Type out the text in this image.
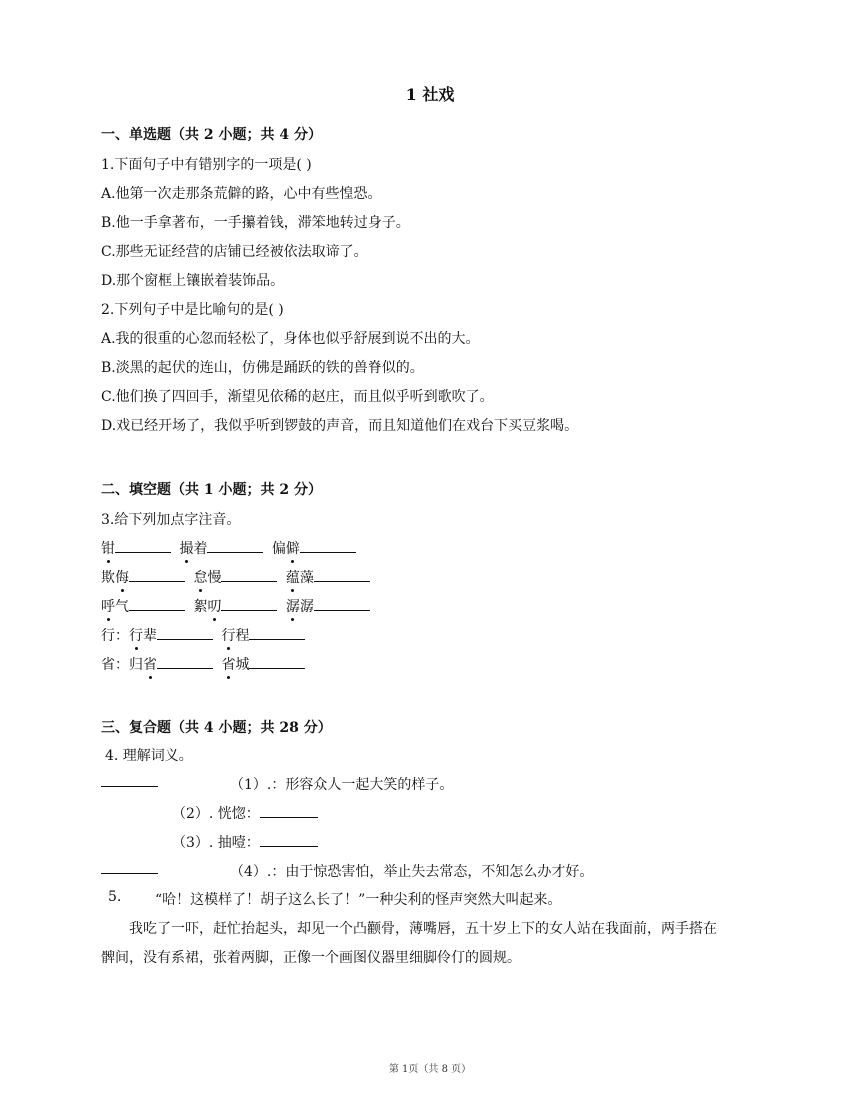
1 社戏
一、单选题（共 2 小题；共 4 分）
1.下面句子中有错别字的一项是( )
A.他第一次走那条荒僻的路，心中有些惶恐。
B.他一手拿著布，一手攥着钱，滞笨地转过身子。
C.那些无证经营的店铺已经被依法取谛了。
D.那个窗框上镶嵌着装饰品。
2.下列句子中是比喻句的是( )
A.我的很重的心忽而轻松了，身体也似乎舒展到说不出的大。
B.淡黑的起伏的连山，仿佛是踊跃的铁的兽脊似的。
C.他们换了四回手，渐望见依稀的赵庄，而且似乎听到歌吹了。
D.戏已经开场了，我似乎听到锣鼓的声音，而且知道他们在戏台下买豆浆喝。
二、填空题（共 1 小题；共 2 分）
3.给下列加点字注音。
钳	撮着	偏僻
欺侮	怠慢	蕴藻
呼气	絮叨	潺潺
行：行辈	行程
省：归省	省城
三、复合题（共 4 小题；共 28 分）
4. 理解词义。
（1）.：形容众人一起大笑的样子。
（2）. 恍惚：
（3）. 抽噎：
（4）.：由于惊恐害怕，举止失去常态，不知怎么办才好。
5. “哈！这模样了！胡子这么长了！”一种尖利的怪声突然大叫起来。
我吃了一吓，赶忙抬起头，却见一个凸颧骨，薄嘴唇，五十岁上下的女人站在我面前，两手搭在
髀间，没有系裙，张着两脚，正像一个画图仪器里细脚伶仃的圆规。
第 1页（共 8 页）
